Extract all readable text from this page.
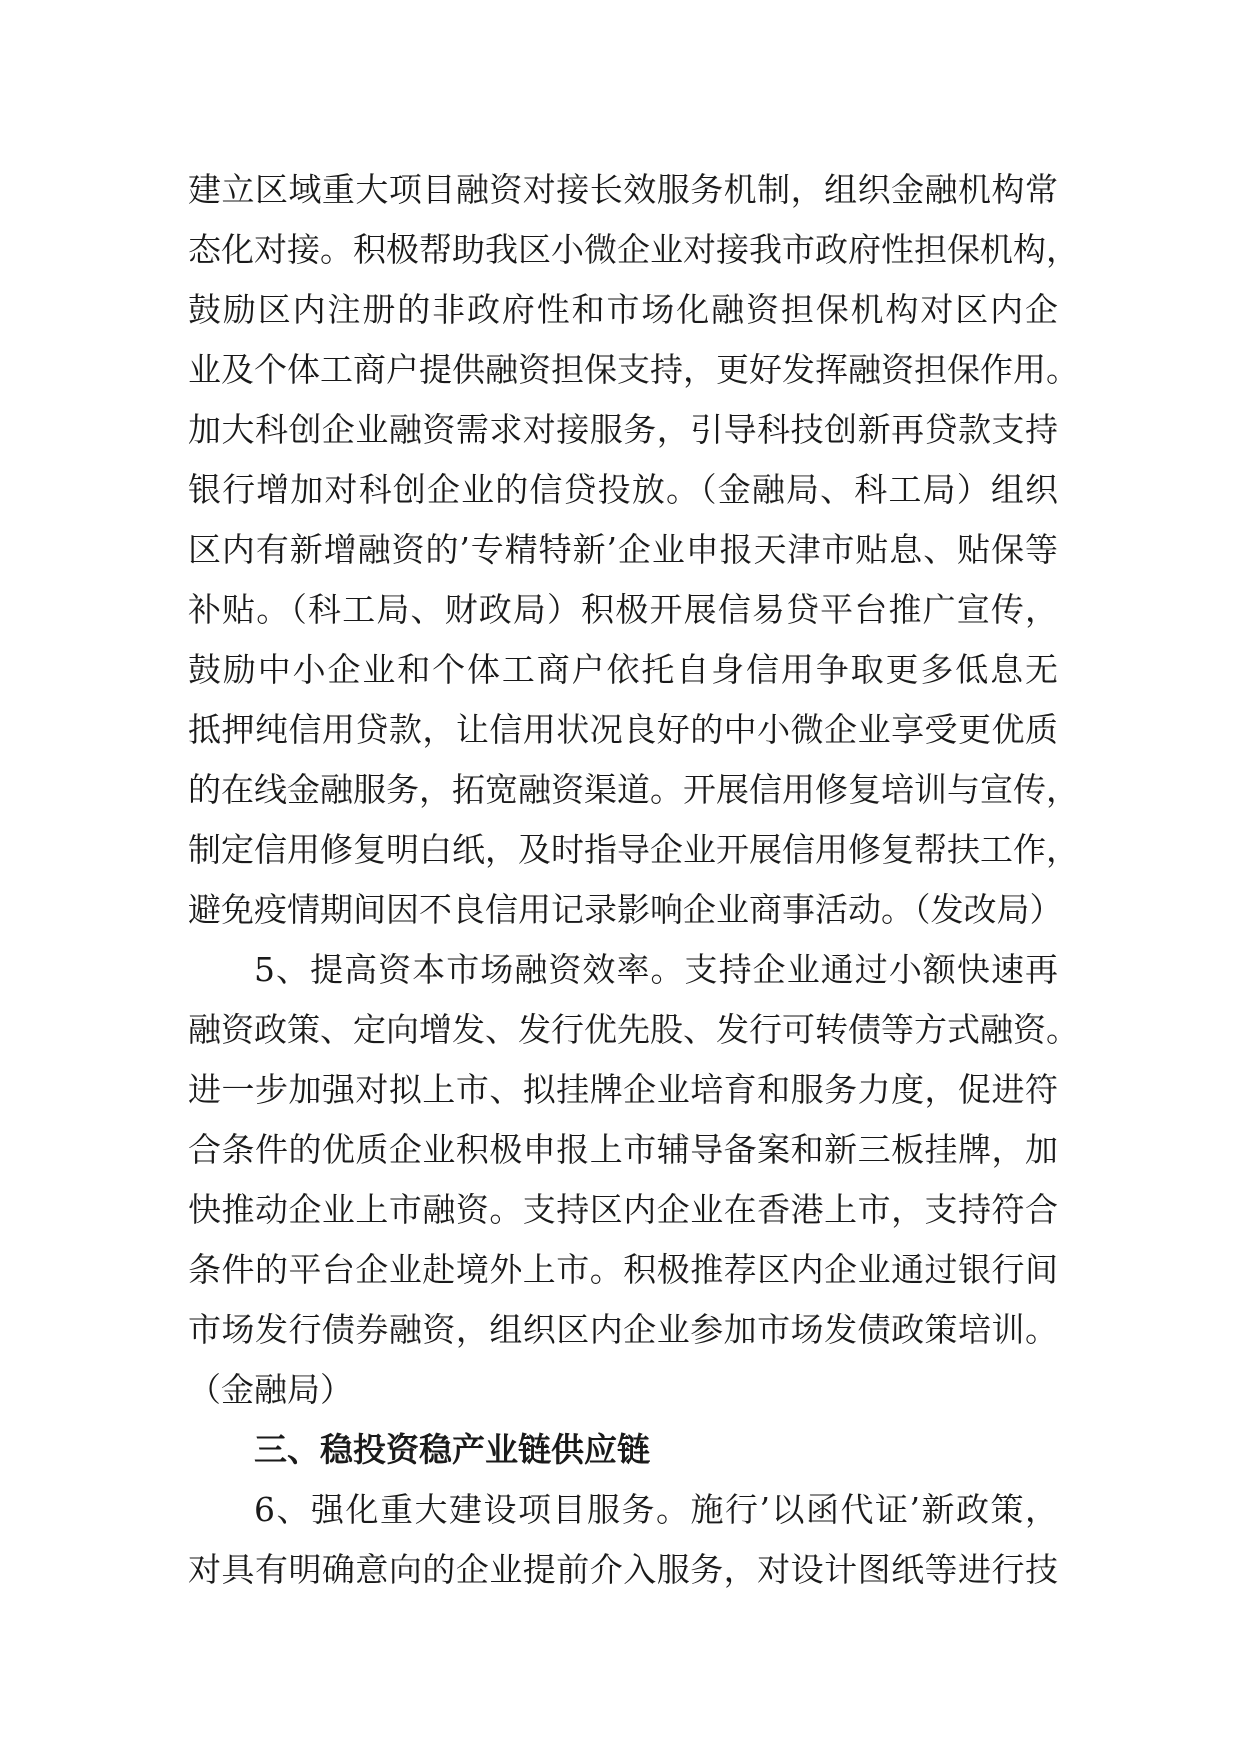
建立区域重大项目融资对接长效服务机制，组织金融机构常
态化对接。积极帮助我区小微企业对接我市政府性担保机构，
鼓励区内注册的非政府性和市场化融资担保机构对区内企
业及个体工商户提供融资担保支持，更好发挥融资担保作用。
加大科创企业融资需求对接服务，引导科技创新再贷款支持
银行增加对科创企业的信贷投放。（金融局、科工局）组织
区内有新增融资的’专精特新’企业申报天津市贴息、贴保等
补贴。（科工局、财政局）积极开展信易贷平台推广宣传，
鼓励中小企业和个体工商户依托自身信用争取更多低息无
抵押纯信用贷款，让信用状况良好的中小微企业享受更优质
的在线金融服务，拓宽融资渠道。开展信用修复培训与宣传，
制定信用修复明白纸，及时指导企业开展信用修复帮扶工作，
避免疫情期间因不良信用记录影响企业商事活动。（发改局）
5、提高资本市场融资效率。支持企业通过小额快速再
融资政策、定向增发、发行优先股、发行可转债等方式融资。
进一步加强对拟上市、拟挂牌企业培育和服务力度，促进符
合条件的优质企业积极申报上市辅导备案和新三板挂牌，加
快推动企业上市融资。支持区内企业在香港上市，支持符合
条件的平台企业赴境外上市。积极推荐区内企业通过银行间
市场发行债券融资，组织区内企业参加市场发债政策培训。
（金融局）
三、稳投资稳产业链供应链
6、强化重大建设项目服务。施行’以函代证’新政策，
对具有明确意向的企业提前介入服务，对设计图纸等进行技
